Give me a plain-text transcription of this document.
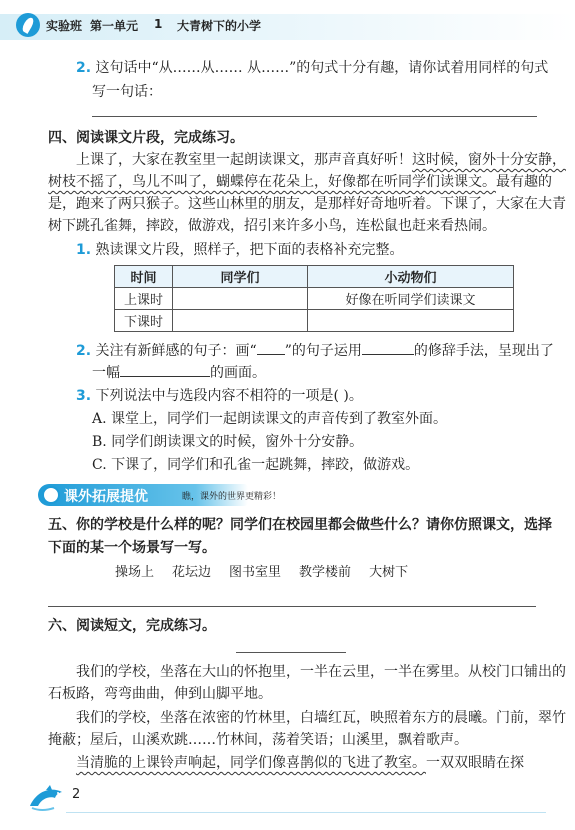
实验班 第一单元 1 大青树下的小学
2. 这句话中“从……从…… 从……”的句式十分有趣，请你试着用同样的句式
写一句话：
四、阅读课文片段，完成练习。
上课了，大家在教室里一起朗读课文，那声音真好听！这时候，窗外十分安静，
树枝不摇了，鸟儿不叫了，蝴蝶停在花朵上，好像都在听同学们读课文。最有趣的
是，跑来了两只猴子。这些山林里的朋友，是那样好奇地听着。下课了，大家在大青
树下跳孔雀舞，摔跤，做游戏，招引来许多小鸟，连松鼠也赶来看热闹。
1. 熟读课文片段，照样子，把下面的表格补充完整。
时间	同学们	小动物们
上课时		好像在听同学们读课文
下课时		
2. 关注有新鲜感的句子：画“ ”的句子运用	的修辞手法，呈现出了
一幅	的画面。
3. 下列说法中与选段内容不相符的一项是( )。
A. 课堂上，同学们一起朗读课文的声音传到了教室外面。
B. 同学们朗读课文的时候，窗外十分安静。
C. 下课了，同学们和孔雀一起跳舞，摔跤，做游戏。
课外拓展提优	瞧，课外的世界更精彩！
五、你的学校是什么样的呢？同学们在校园里都会做些什么？请你仿照课文，选择
下面的某一个场景写一写。
操场上 花坛边 图书室里 教学楼前 大树下
六、阅读短文，完成练习。
我们的学校，坐落在大山的怀抱里，一半在云里，一半在雾里。从校门口铺出的
石板路，弯弯曲曲，伸到山脚平地。
我们的学校，坐落在浓密的竹林里，白墙红瓦，映照着东方的晨曦。门前，翠竹
掩蔽；屋后，山溪欢跳……竹林间，荡着笑语；山溪里，飘着歌声。
当清脆的上课铃声响起，同学们像喜鹊似的飞进了教室。一双双眼睛在探
2
